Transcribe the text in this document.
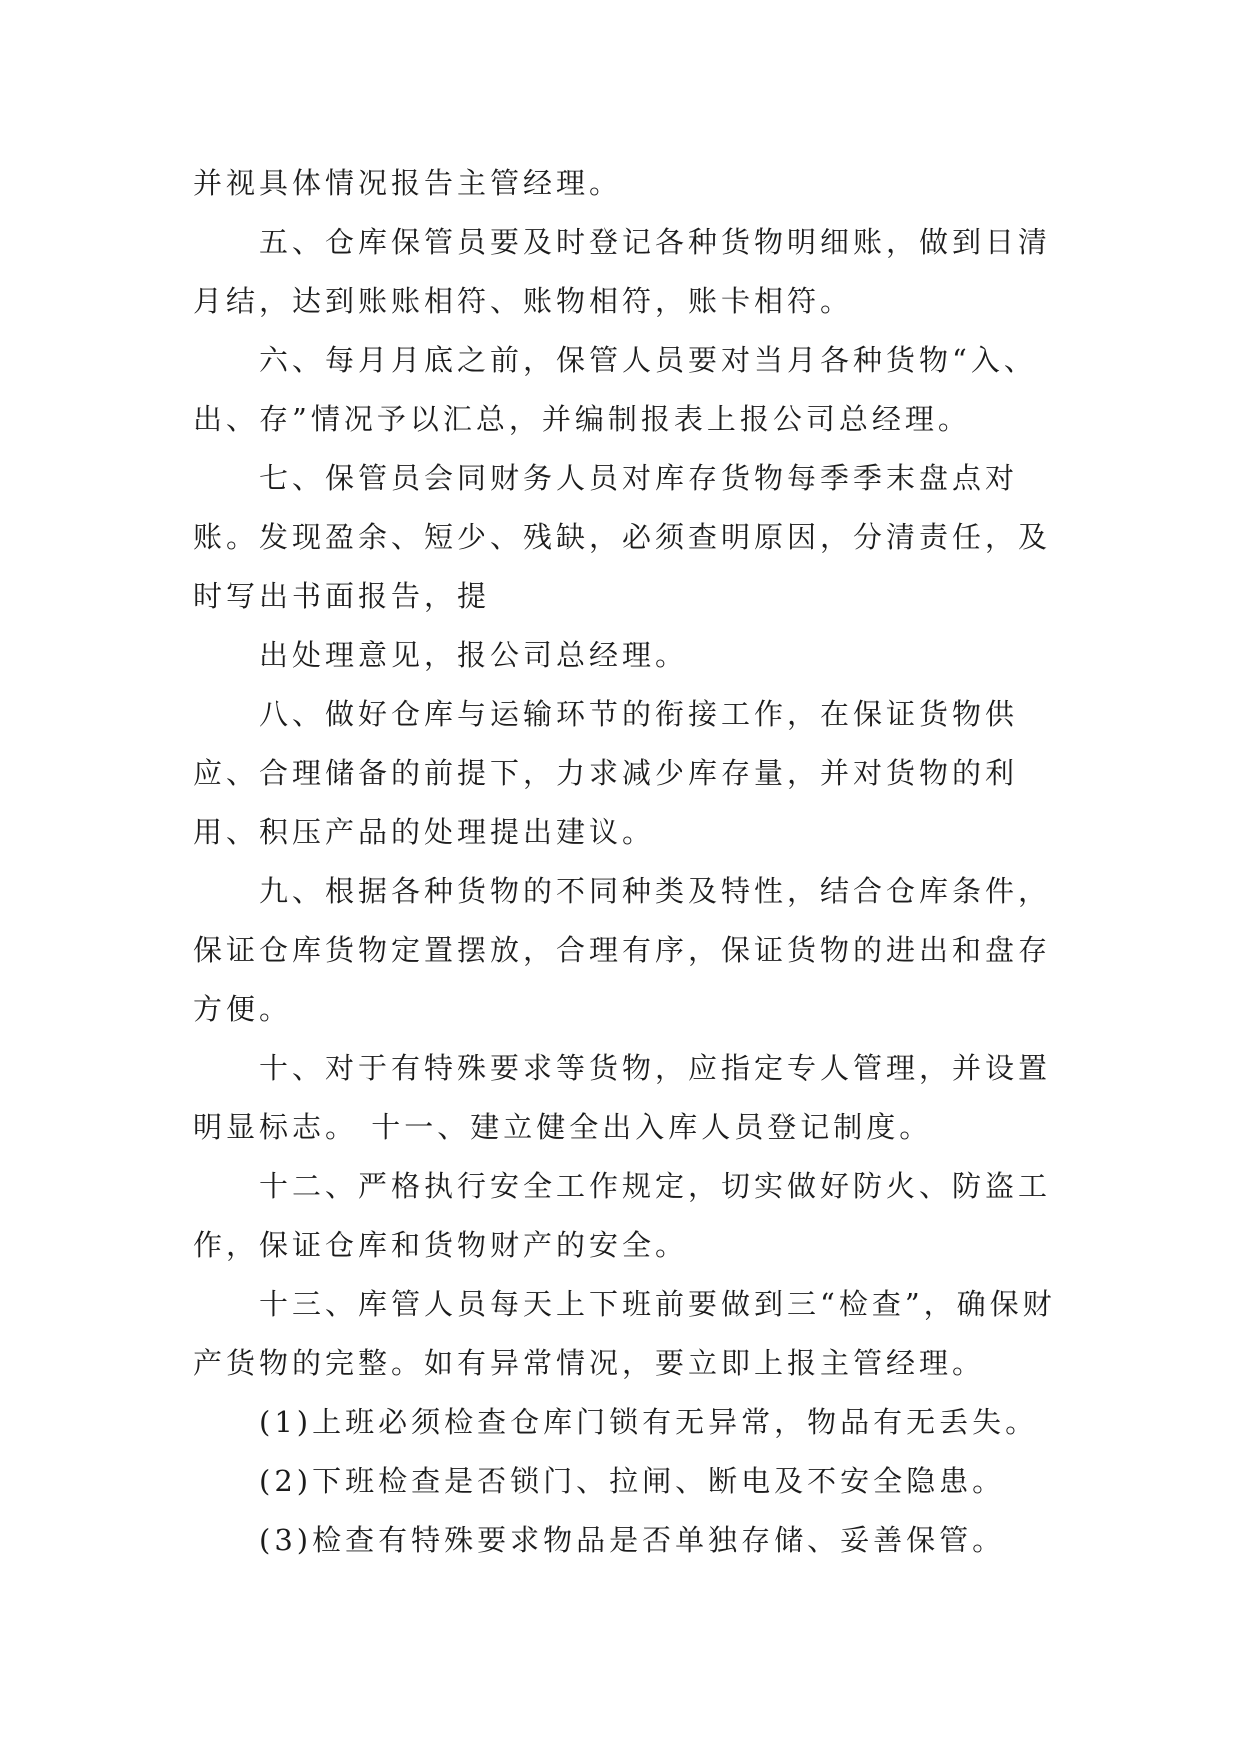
并视具体情况报告主管经理。

五、仓库保管员要及时登记各种货物明细账，做到日清月结，达到账账相符、账物相符，账卡相符。

六、每月月底之前，保管人员要对当月各种货物“入、出、存”情况予以汇总，并编制报表上报公司总经理。

七、保管员会同财务人员对库存货物每季季末盘点对账。发现盈余、短少、残缺，必须查明原因，分清责任，及时写出书面报告，提

出处理意见，报公司总经理。

八、做好仓库与运输环节的衔接工作，在保证货物供应、合理储备的前提下，力求减少库存量，并对货物的利用、积压产品的处理提出建议。

九、根据各种货物的不同种类及特性，结合仓库条件，保证仓库货物定置摆放，合理有序，保证货物的进出和盘存方便。

十、对于有特殊要求等货物，应指定专人管理，并设置明显标志。 十一、建立健全出入库人员登记制度。

十二、严格执行安全工作规定，切实做好防火、防盗工作，保证仓库和货物财产的安全。

十三、库管人员每天上下班前要做到三“检查”，确保财产货物的完整。如有异常情况，要立即上报主管经理。

(1)上班必须检查仓库门锁有无异常，物品有无丢失。

(2)下班检查是否锁门、拉闸、断电及不安全隐患。

(3)检查有特殊要求物品是否单独存储、妥善保管。
